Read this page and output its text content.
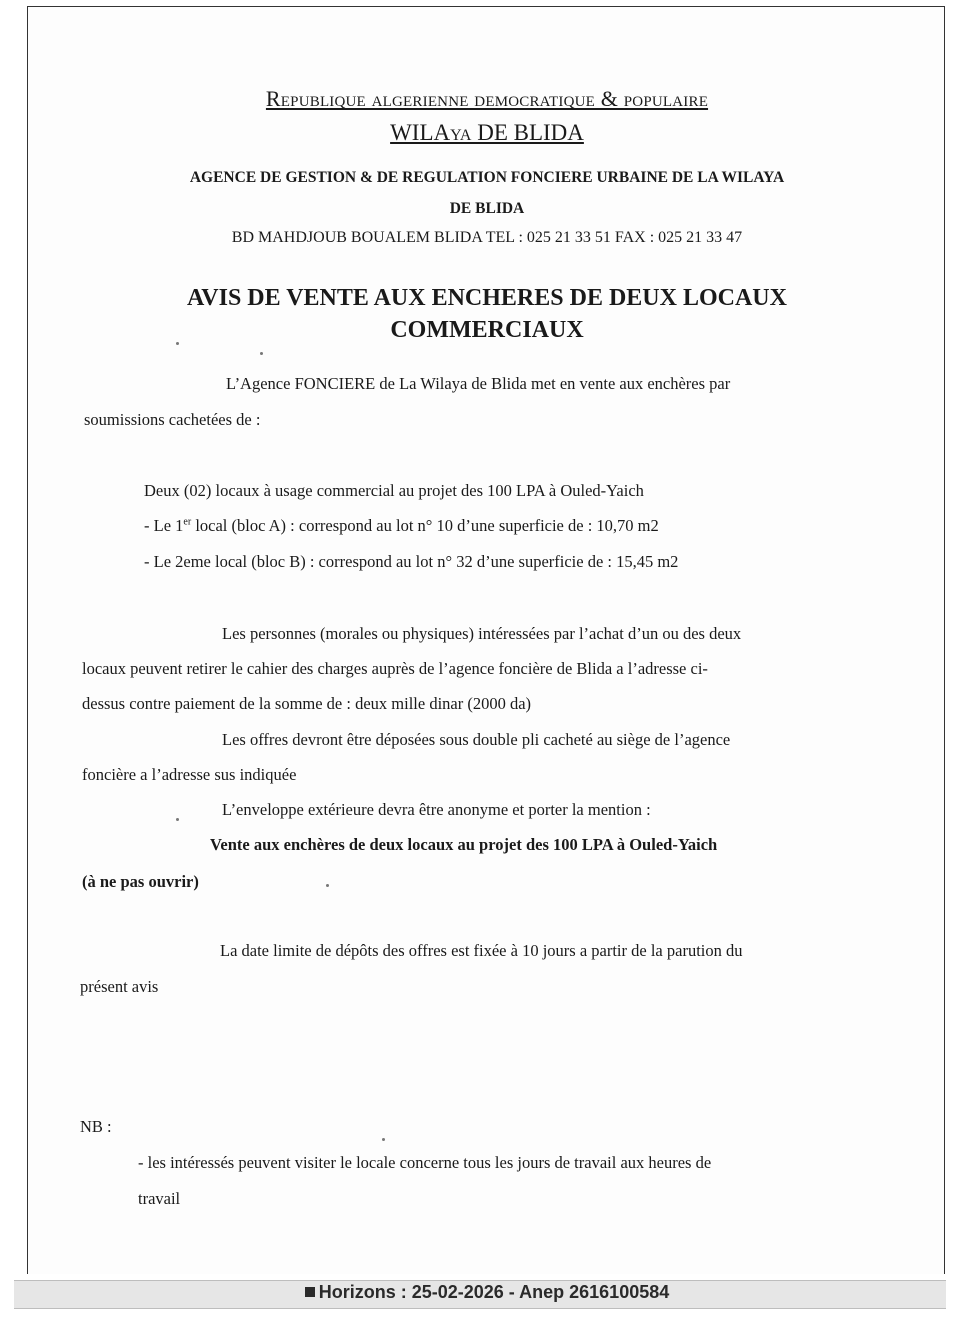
Republique algerienne democratique & populaire
WILAya DE BLIDA
AGENCE DE GESTION & DE REGULATION FONCIERE URBAINE DE LA WILAYA
DE BLIDA
BD MAHDJOUB BOUALEM BLIDA TEL : 025 21 33 51 FAX : 025 21 33 47
AVIS DE VENTE AUX ENCHERES DE DEUX LOCAUX
COMMERCIAUX
L’Agence FONCIERE de La Wilaya de Blida met en vente aux enchères par
soumissions cachetées de :
Deux (02) locaux à usage commercial au projet des 100 LPA à Ouled-Yaich
- Le 1er local (bloc A) : correspond au lot n° 10 d’une superficie de : 10,70 m2
- Le 2eme local (bloc B) : correspond au lot n° 32 d’une superficie de : 15,45 m2
Les personnes (morales ou physiques) intéressées par l’achat d’un ou des deux
locaux peuvent retirer le cahier des charges auprès de l’agence foncière de Blida a l’adresse ci-
dessus contre paiement de la somme de : deux mille dinar (2000 da)
Les offres devront être déposées sous double pli cacheté au siège de l’agence
foncière a l’adresse sus indiquée
L’enveloppe extérieure devra être anonyme et porter la mention :
Vente aux enchères de deux locaux au projet des 100 LPA à Ouled-Yaich
(à ne pas ouvrir)
La date limite de dépôts des offres est fixée à 10 jours a partir de la parution du
présent avis
NB :
- les intéressés peuvent visiter le locale concerne tous les jours de travail aux heures de
travail
Horizons : 25-02-2026 - Anep 2616100584
